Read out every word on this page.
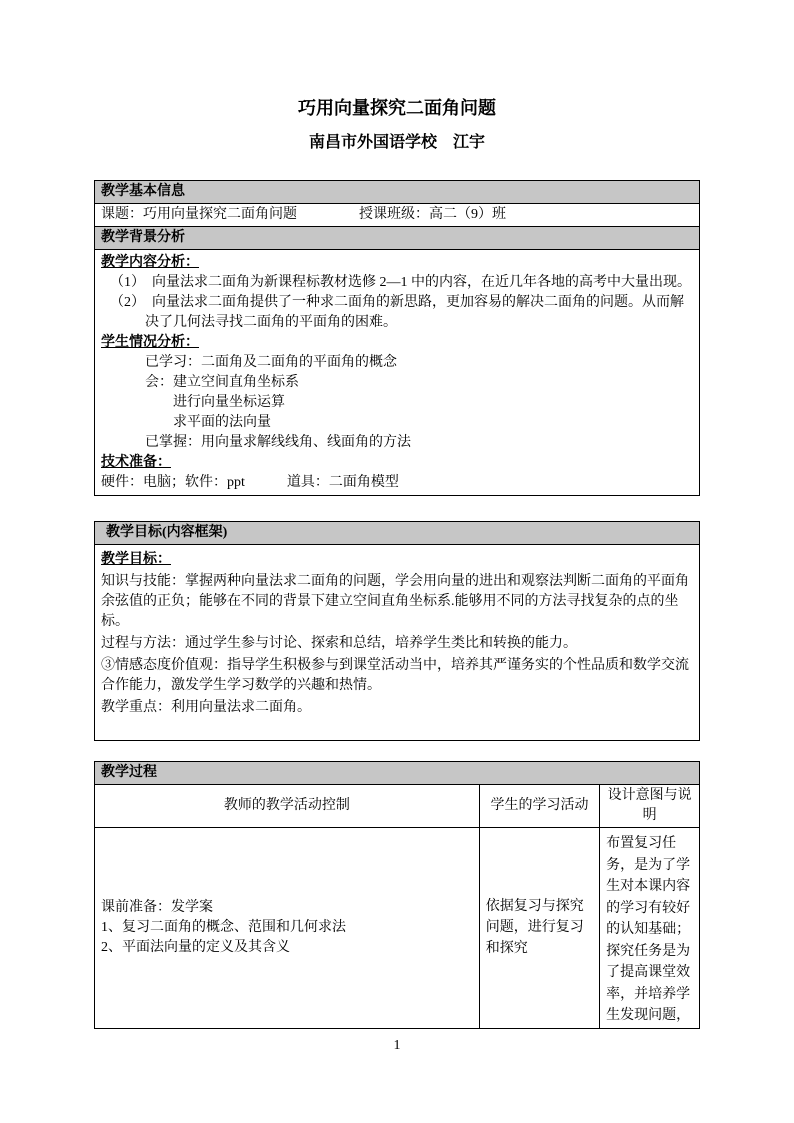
巧用向量探究二面角问题
南昌市外国语学校　江宇
教学基本信息
课题：巧用向量探究二面角问题	授课班级：高二（9）班
教学背景分析

教学内容分析：
（1）　向量法求二面角为新课程标教材选修 2—1 中的内容，在近几年各地的高考中大量出现。
（2）　向量法求二面角提供了一种求二面角的新思路，更加容易的解决二面角的问题。从而解决了几何法寻找二面角的平面角的困难。
学生情况分析：
已学习：二面角及二面角的平面角的概念
会：建立空间直角坐标系
进行向量坐标运算
求平面的法向量
已掌握：用向量求解线线角、线面角的方法
技术准备：
硬件：电脑；软件：ppt　　　道具：二面角模型
教学目标(内容框架)

教学目标：
知识与技能：掌握两种向量法求二面角的问题，学会用向量的进出和观察法判断二面角的平面角余弦值的正负；能够在不同的背景下建立空间直角坐标系.能够用不同的方法寻找复杂的点的坐标。
过程与方法：通过学生参与讨论、探索和总结，培养学生类比和转换的能力。
③情感态度价值观：指导学生积极参与到课堂活动当中，培养其严谨务实的个性品质和数学交流合作能力，激发学生学习数学的兴趣和热情。
教学重点：利用向量法求二面角。
教学过程		
教师的教学活动控制	学生的学习活动	设计意图与说明

课前准备：发学案
1、复习二面角的概念、范围和几何求法
2、平面法向量的定义及其含义	依据复习与探究问题，进行复习和探究	布置复习任务，是为了学生对本课内容的学习有较好的认知基础；探究任务是为了提高课堂效率，并培养学生发现问题，
1
